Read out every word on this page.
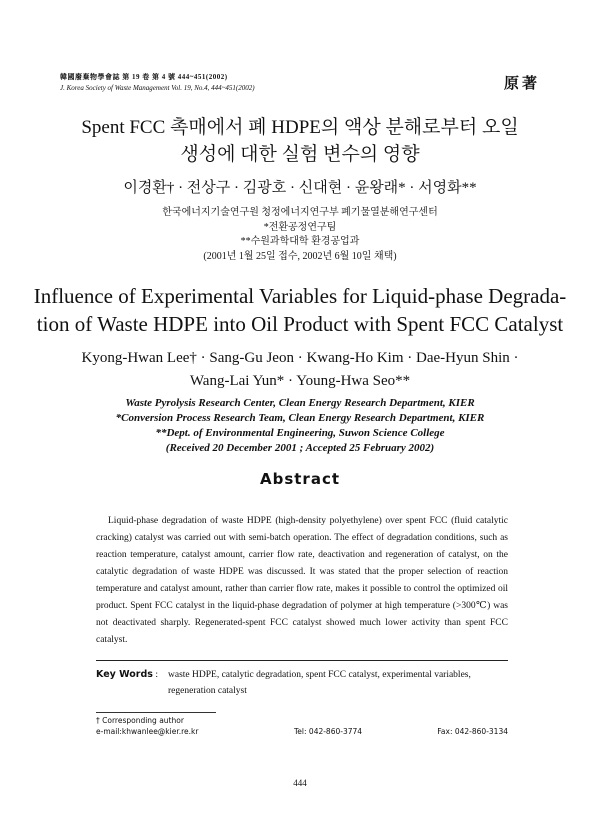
韓國廢棄物學會誌 第 19 卷 第 4 號 444~451(2002)
J. Korea Society of Waste Management Vol. 19, No.4, 444~451(2002)	原著
Spent FCC 촉매에서 폐 HDPE의 액상 분해로부터 오일
생성에 대한 실험 변수의 영향
이경환† · 전상구 · 김광호 · 신대현 · 윤왕래* · 서영화**
한국에너지기술연구원 청정에너지연구부 폐기물열분해연구센터
*전환공정연구팀
**수원과학대학 환경공업과
(2001년 1월 25일 접수, 2002년 6월 10일 채택)
Influence of Experimental Variables for Liquid-phase Degrada-
tion of Waste HDPE into Oil Product with Spent FCC Catalyst
Kyong-Hwan Lee† · Sang-Gu Jeon · Kwang-Ho Kim · Dae-Hyun Shin ·
Wang-Lai Yun* · Young-Hwa Seo**
Waste Pyrolysis Research Center, Clean Energy Research Department, KIER
*Conversion Process Research Team, Clean Energy Research Department, KIER
**Dept. of Environmental Engineering, Suwon Science College
(Received 20 December 2001 ; Accepted 25 February 2002)
Abstract
Liquid-phase degradation of waste HDPE (high-density polyethylene) over spent FCC (fluid catalytic cracking) catalyst was carried out with semi-batch operation. The effect of degradation conditions, such as reaction temperature, catalyst amount, carrier flow rate, deactivation and regeneration of catalyst, on the catalytic degradation of waste HDPE was discussed. It was stated that the proper selection of reaction temperature and catalyst amount, rather than carrier flow rate, makes it possible to control the optimized oil product. Spent FCC catalyst in the liquid-phase degradation of polymer at high temperature (>300℃) was not deactivated sharply. Regenerated-spent FCC catalyst showed much lower activity than spent FCC catalyst.
Key Words : waste HDPE, catalytic degradation, spent FCC catalyst, experimental variables, regeneration catalyst
† Corresponding author
e-mail:khwanlee@kier.re.kr	Tel: 042-860-3774	Fax: 042-860-3134
444
